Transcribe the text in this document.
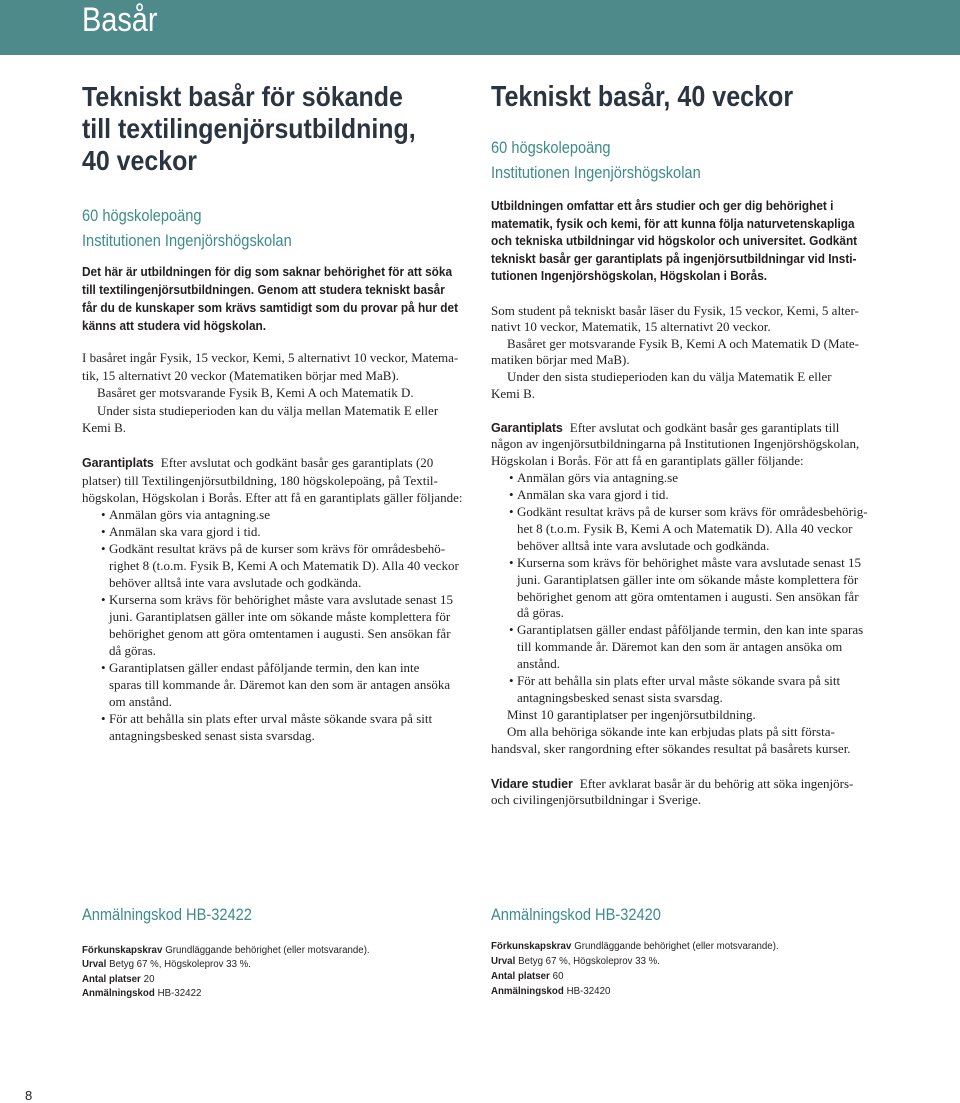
Basår
Tekniskt basår för sökande
till textilingenjörsutbildning,
40 veckor
60 högskolepoäng
Institutionen Ingenjörshögskolan
Det här är utbildningen för dig som saknar behörighet för att söka
till textilingenjörsutbildningen. Genom att studera tekniskt basår
får du de kunskaper som krävs samtidigt som du provar på hur det
känns att studera vid högskolan.
I basåret ingår Fysik, 15 veckor, Kemi, 5 alternativt 10 veckor, Matema-
tik, 15 alternativt 20 veckor (Matematiken börjar med MaB).
Basåret ger motsvarande Fysik B, Kemi A och Matematik D.
Under sista studieperioden kan du välja mellan Matematik E eller
Kemi B.
Garantiplats Efter avslutat och godkänt basår ges garantiplats (20
platser) till Textilingenjörsutbildning, 180 högskolepoäng, på Textil-
högskolan, Högskolan i Borås. Efter att få en garantiplats gäller följande:
• Anmälan görs via antagning.se
• Anmälan ska vara gjord i tid.
• Godkänt resultat krävs på de kurser som krävs för områdesbehö-
righet 8 (t.o.m. Fysik B, Kemi A och Matematik D). Alla 40 veckor
behöver alltså inte vara avslutade och godkända.
• Kurserna som krävs för behörighet måste vara avslutade senast 15
juni. Garantiplatsen gäller inte om sökande måste komplettera för
behörighet genom att göra omtentamen i augusti. Sen ansökan får
då göras.
• Garantiplatsen gäller endast påföljande termin, den kan inte
sparas till kommande år. Däremot kan den som är antagen ansöka
om anstånd.
• För att behålla sin plats efter urval måste sökande svara på sitt
antagningsbesked senast sista svarsdag.
Anmälningskod HB-32422
Förkunskapskrav Grundläggande behörighet (eller motsvarande).
Urval Betyg 67 %, Högskoleprov 33 %.
Antal platser 20
Anmälningskod HB-32422
Tekniskt basår, 40 veckor
60 högskolepoäng
Institutionen Ingenjörshögskolan
Utbildningen omfattar ett års studier och ger dig behörighet i
matematik, fysik och kemi, för att kunna följa naturvetenskapliga
och tekniska utbildningar vid högskolor och universitet. Godkänt
tekniskt basår ger garantiplats på ingenjörsutbildningar vid Insti-
tutionen Ingenjörshögskolan, Högskolan i Borås.
Som student på tekniskt basår läser du Fysik, 15 veckor, Kemi, 5 alter-
nativt 10 veckor, Matematik, 15 alternativt 20 veckor.
Basåret ger motsvarande Fysik B, Kemi A och Matematik D (Mate-
matiken börjar med MaB).
Under den sista studieperioden kan du välja Matematik E eller
Kemi B.
Garantiplats Efter avslutat och godkänt basår ges garantiplats till
någon av ingenjörsutbildningarna på Institutionen Ingenjörshögskolan,
Högskolan i Borås. För att få en garantiplats gäller följande:
• Anmälan görs via antagning.se
• Anmälan ska vara gjord i tid.
• Godkänt resultat krävs på de kurser som krävs för områdesbehörig-
het 8 (t.o.m. Fysik B, Kemi A och Matematik D). Alla 40 veckor
behöver alltså inte vara avslutade och godkända.
• Kurserna som krävs för behörighet måste vara avslutade senast 15
juni. Garantiplatsen gäller inte om sökande måste komplettera för
behörighet genom att göra omtentamen i augusti. Sen ansökan får
då göras.
• Garantiplatsen gäller endast påföljande termin, den kan inte sparas
till kommande år. Däremot kan den som är antagen ansöka om
anstånd.
• För att behålla sin plats efter urval måste sökande svara på sitt
antagningsbesked senast sista svarsdag.
Minst 10 garantiplatser per ingenjörsutbildning.
Om alla behöriga sökande inte kan erbjudas plats på sitt första-
handsval, sker rangordning efter sökandes resultat på basårets kurser.
Vidare studier Efter avklarat basår är du behörig att söka ingenjörs-
och civilingenjörsutbildningar i Sverige.
Anmälningskod HB-32420
Förkunskapskrav Grundläggande behörighet (eller motsvarande).
Urval Betyg 67 %, Högskoleprov 33 %.
Antal platser 60
Anmälningskod HB-32420
8
